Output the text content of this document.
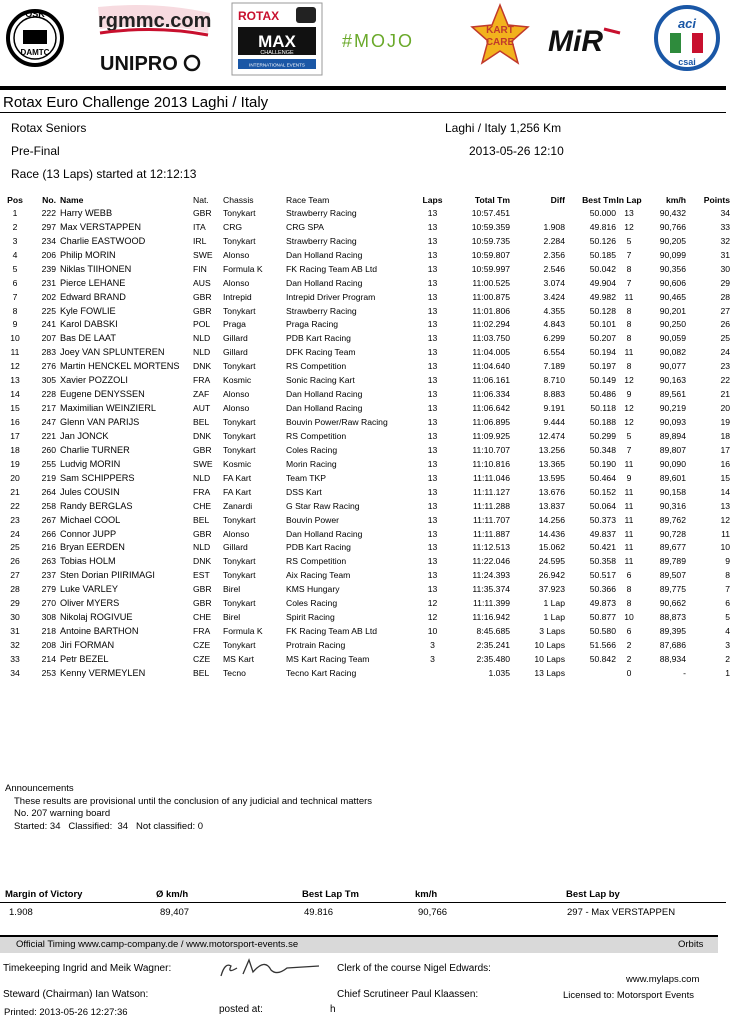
OSK
DAMTC
rgmmc.com
UNIPRO
ROTAX
MAX
CHALLENGE
INTERNATIONAL EVENTS
#MOJO
KART
CARE MiR
aci
csai
Rotax Euro Challenge 2013 Laghi / Italy
Rotax Seniors	Laghi / Italy 1,256 Km
Pre-Final	2013-05-26 12:10
Race (13 Laps) started at 12:12:13
Pos	No.	Name	Nat.	Chassis	Race Team	Laps	Total Tm	Diff	Best Tm	In Lap	km/h	Points
1	222	Harry WEBB	GBR	Tonykart	Strawberry Racing	13	10:57.451		50.000	13	90,432	34
2	297	Max VERSTAPPEN	ITA	CRG	CRG SPA	13	10:59.359	1.908	49.816	12	90,766	33
3	234	Charlie EASTWOOD	IRL	Tonykart	Strawberry Racing	13	10:59.735	2.284	50.126	5	90,205	32
4	206	Philip MORIN	SWE	Alonso	Dan Holland Racing	13	10:59.807	2.356	50.185	7	90,099	31
5	239	Niklas TIIHONEN	FIN	Formula K	FK Racing Team AB Ltd	13	10:59.997	2.546	50.042	8	90,356	30
6	231	Pierce LEHANE	AUS	Alonso	Dan Holland Racing	13	11:00.525	3.074	49.904	7	90,606	29
7	202	Edward BRAND	GBR	Intrepid	Intrepid Driver Program	13	11:00.875	3.424	49.982	11	90,465	28
8	225	Kyle FOWLIE	GBR	Tonykart	Strawberry Racing	13	11:01.806	4.355	50.128	8	90,201	27
9	241	Karol DABSKI	POL	Praga	Praga Racing	13	11:02.294	4.843	50.101	8	90,250	26
10	207	Bas DE LAAT	NLD	Gillard	PDB Kart Racing	13	11:03.750	6.299	50.207	8	90,059	25
11	283	Joey VAN SPLUNTEREN	NLD	Gillard	DFK Racing Team	13	11:04.005	6.554	50.194	11	90,082	24
12	276	Martin HENCKEL MORTENS	DNK	Tonykart	RS Competition	13	11:04.640	7.189	50.197	8	90,077	23
13	305	Xavier POZZOLI	FRA	Kosmic	Sonic Racing Kart	13	11:06.161	8.710	50.149	12	90,163	22
14	228	Eugene DENYSSEN	ZAF	Alonso	Dan Holland Racing	13	11:06.334	8.883	50.486	9	89,561	21
15	217	Maximilian WEINZIERL	AUT	Alonso	Dan Holland Racing	13	11:06.642	9.191	50.118	12	90,219	20
16	247	Glenn VAN PARIJS	BEL	Tonykart	Bouvin Power/Raw Racing	13	11:06.895	9.444	50.188	12	90,093	19
17	221	Jan JONCK	DNK	Tonykart	RS Competition	13	11:09.925	12.474	50.299	5	89,894	18
18	260	Charlie TURNER	GBR	Tonykart	Coles Racing	13	11:10.707	13.256	50.348	7	89,807	17
19	255	Ludvig MORIN	SWE	Kosmic	Morin Racing	13	11:10.816	13.365	50.190	11	90,090	16
20	219	Sam SCHIPPERS	NLD	FA Kart	Team TKP	13	11:11.046	13.595	50.464	9	89,601	15
21	264	Jules COUSIN	FRA	FA Kart	DSS Kart	13	11:11.127	13.676	50.152	11	90,158	14
22	258	Randy BERGLAS	CHE	Zanardi	G Star Raw Racing	13	11:11.288	13.837	50.064	11	90,316	13
23	267	Michael COOL	BEL	Tonykart	Bouvin Power	13	11:11.707	14.256	50.373	11	89,762	12
24	266	Connor JUPP	GBR	Alonso	Dan Holland Racing	13	11:11.887	14.436	49.837	11	90,728	11
25	216	Bryan EERDEN	NLD	Gillard	PDB Kart Racing	13	11:12.513	15.062	50.421	11	89,677	10
26	263	Tobias HOLM	DNK	Tonykart	RS Competition	13	11:22.046	24.595	50.358	11	89,789	9
27	237	Sten Dorian PIIRIMAGI	EST	Tonykart	Aix Racing Team	13	11:24.393	26.942	50.517	6	89,507	8
28	279	Luke VARLEY	GBR	Birel	KMS Hungary	13	11:35.374	37.923	50.366	8	89,775	7
29	270	Oliver MYERS	GBR	Tonykart	Coles Racing	12	11:11.399	1 Lap	49.873	8	90,662	6
30	308	Nikolaj ROGIVUE	CHE	Birel	Spirit Racing	12	11:16.942	1 Lap	50.877	10	88,873	5
31	218	Antoine BARTHON	FRA	Formula K	FK Racing Team AB Ltd	10	8:45.685	3 Laps	50.580	6	89,395	4
32	208	Jiri FORMAN	CZE	Tonykart	Protrain Racing	3	2:35.241	10 Laps	51.566	2	87,686	3
33	214	Petr BEZEL	CZE	MS Kart	MS Kart Racing Team	3	2:35.480	10 Laps	50.842	2	88,934	2
34	253	Kenny VERMEYLEN	BEL	Tecno	Tecno Kart Racing		1.035	13 Laps		0	-	1
Announcements
These results are provisional until the conclusion of any judicial and technical matters
No. 207 warning board
Started: 34   Classified:  34   Not classified: 0
Margin of Victory	Ø km/h	Best Lap Tm	km/h	Best Lap by
1.908	89,407	49.816	90,766	297 - Max VERSTAPPEN
Official Timing www.camp-company.de / www.motorsport-events.se	Orbits
Timekeeping Ingrid and Meik Wagner:	Clerk of the course Nigel Edwards:
www.mylaps.com
Steward (Chairman) Ian Watson:	Chief Scrutineer Paul Klaassen:	Licensed to: Motorsport Events
Printed: 2013-05-26 12:27:36	posted at:	h
